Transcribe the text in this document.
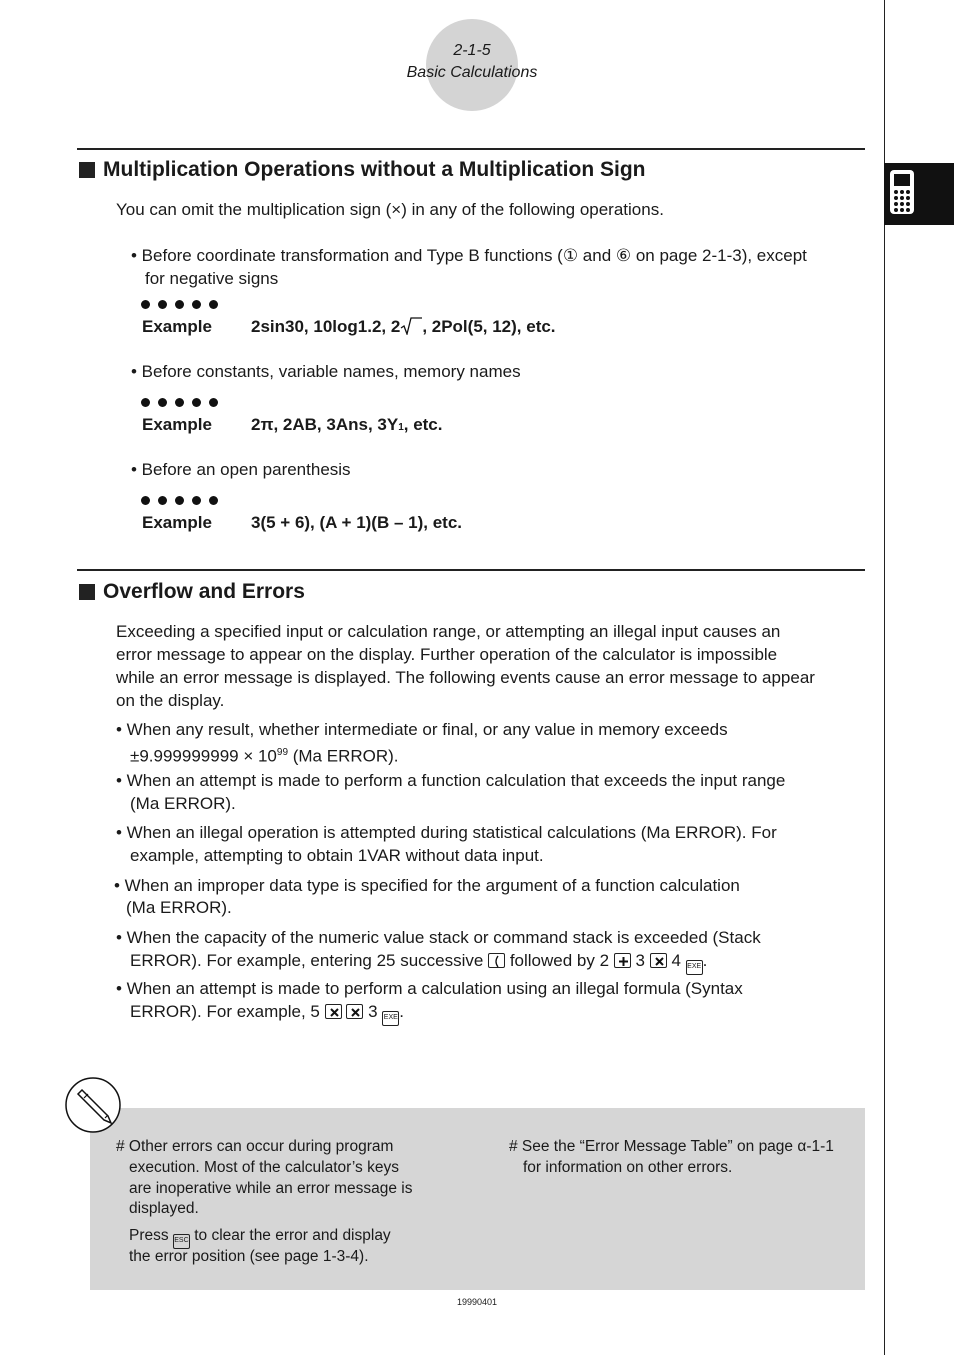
2-1-5
Basic Calculations
Multiplication Operations without a Multiplication Sign
You can omit the multiplication sign (×) in any of the following operations.
• Before coordinate transformation and Type B functions (① and ⑥ on page 2-1-3), except
for negative signs
Example 2sin30, 10log1.2, 2 , 2Pol(5, 12), etc.
• Before constants, variable names, memory names
Example 2π, 2AB, 3Ans, 3Y1, etc.
• Before an open parenthesis
Example 3(5 + 6), (A + 1)(B – 1), etc.
Overflow and Errors
Exceeding a specified input or calculation range, or attempting an illegal input causes an
error message to appear on the display. Further operation of the calculator is impossible
while an error message is displayed. The following events cause an error message to appear
on the display.
• When any result, whether intermediate or final, or any value in memory exceeds
$\pm 9.999999999 \times 10^{99}$ (Ma ERROR).
• When an attempt is made to perform a function calculation that exceeds the input range
(Ma ERROR).
• When an illegal operation is attempted during statistical calculations (Ma ERROR). For
example, attempting to obtain 1VAR without data input.
• When an improper data type is specified for the argument of a function calculation
(Ma ERROR).
• When the capacity of the numeric value stack or command stack is exceeded (Stack
ERROR). For example, entering 25 successive followed by 2 3 4 EXE.
• When an attempt is made to perform a calculation using an illegal formula (Syntax
ERROR). For example, 5
	3 EXE.
# Other errors can occur during program
execution. Most of the calculator’s keys
are inoperative while an error message is
displayed.
Press ESC to clear the error and display
the error position (see page 1-3-4).
# See the “Error Message Table” on page α-1-1
for information on other errors.
19990401
